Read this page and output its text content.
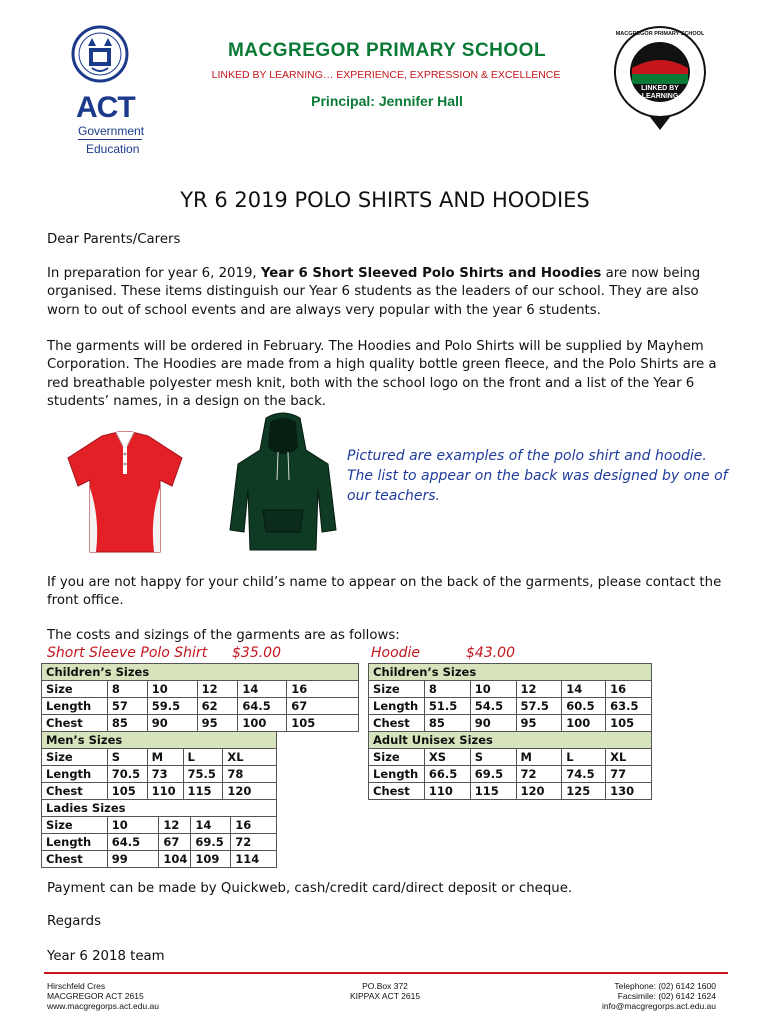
ACT
Government
Education
MACGREGOR PRIMARY SCHOOL
LINKED BY LEARNING… EXPERIENCE, EXPRESSION & EXCELLENCE
Principal: Jennifer Hall
MACGREGOR PRIMARY SCHOOL
LINKED BY
LEARNING
YR 6 2019 POLO SHIRTS AND HOODIES
Dear Parents/Carers
In preparation for year 6, 2019, Year 6 Short Sleeved Polo Shirts and Hoodies are now being organised. These items distinguish our Year 6 students as the leaders of our school. They are also worn to out of school events and are always very popular with the year 6 students.
The garments will be ordered in February. The Hoodies and Polo Shirts will be supplied by Mayhem Corporation. The Hoodies are made from a high quality bottle green fleece, and the Polo Shirts are a red breathable polyester mesh knit, both with the school logo on the front and a list of the Year 6 students’ names, in a design on the back.
Pictured are examples of the polo shirt and hoodie. The list to appear on the back was designed by one of our teachers.
If you are not happy for your child’s name to appear on the back of the garments, please contact the front office.
The costs and sizings of the garments are as follows:
Short Sleeve Polo Shirt $35.00	Hoodie	$43.00
Children’s Sizes					
Size	8	10	12	14	16
Length	57	59.5	62	64.5	67
Chest	85	90	95	100	105
Men’s Sizes				
Size	S	M	L	XL
Length	70.5	73	75.5	78
Chest	105	110	115	120
Ladies Sizes				
Size	10	12	14	16
Length	64.5	67	69.5	72
Chest	99	104	109	114
Children’s Sizes					
Size	8	10	12	14	16
Length	51.5	54.5	57.5	60.5	63.5
Chest	85	90	95	100	105
Adult Unisex Sizes					
Size	XS	S	M	L	XL
Length	66.5	69.5	72	74.5	77
Chest	110	115	120	125	130
Payment can be made by Quickweb, cash/credit card/direct deposit or cheque.
Regards
Year 6 2018 team
Hirschfeld Cres
MACGREGOR ACT 2615
www.macgregorps.act.edu.au
PO.Box 372
KIPPAX ACT 2615
Telephone: (02) 6142 1600
Facsimile: (02) 6142 1624
info@macgregorps.act.edu.au
